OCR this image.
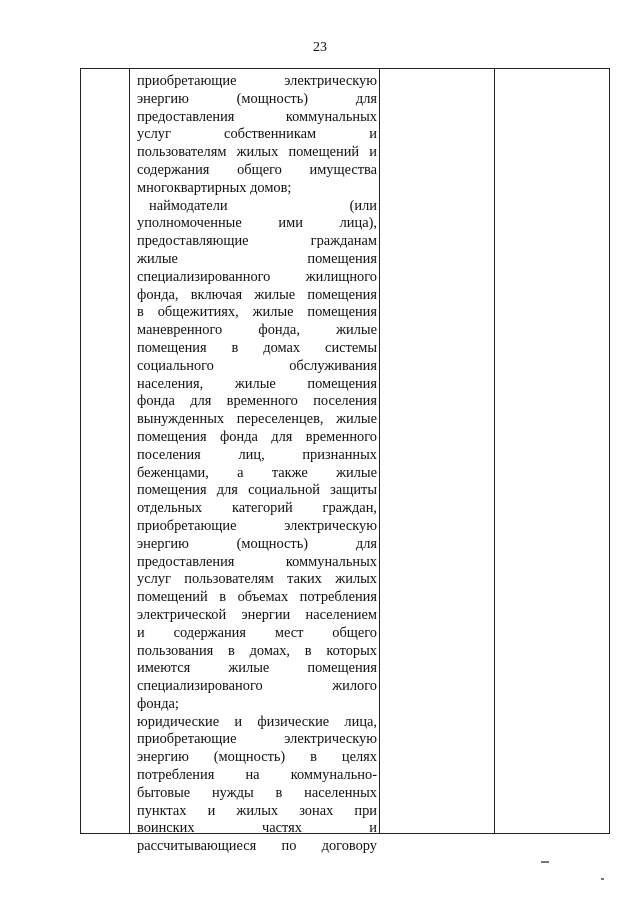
23
приобретающие электрическую
энергию (мощность) для
предоставления коммунальных
услуг собственникам и
пользователям жилых помещений и
содержания общего имущества
многоквартирных домов;
наймодатели (или
уполномоченные ими лица),
предоставляющие гражданам
жилые помещения
специализированного жилищного
фонда, включая жилые помещения
в общежитиях, жилые помещения
маневренного фонда, жилые
помещения в домах системы
социального обслуживания
населения, жилые помещения
фонда для временного поселения
вынужденных переселенцев, жилые
помещения фонда для временного
поселения лиц, признанных
беженцами, а также жилые
помещения для социальной защиты
отдельных категорий граждан,
приобретающие электрическую
энергию (мощность) для
предоставления коммунальных
услуг пользователям таких жилых
помещений в объемах потребления
электрической энергии населением
и содержания мест общего
пользования в домах, в которых
имеются жилые помещения
специализированого жилого
фонда;
юридические и физические лица,
приобретающие электрическую
энергию (мощность) в целях
потребления на коммунально-
бытовые нужды в населенных
пунктах и жилых зонах при
воинских частях и
рассчитывающиеся по договору
